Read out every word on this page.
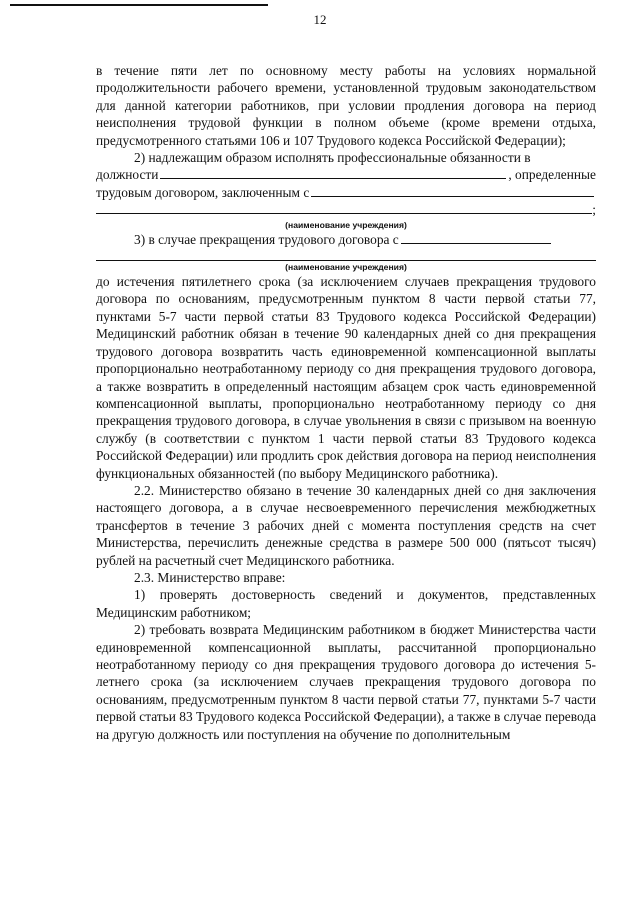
12

в течение пяти лет по основному месту работы на условиях нормальной продолжительности рабочего времени, установленной трудовым законодательством для данной категории работников, при условии продления договора на период неисполнения трудовой функции в полном объеме (кроме времени отдыха, предусмотренного статьями 106 и 107 Трудового кодекса Российской Федерации);

2) надлежащим образом исполнять профессиональные обязанности в

должности	, определенные
трудовым договором, заключенным с
;
(наименование учреждения)
3) в случае прекращения трудового договора с
(наименование учреждения)

до истечения пятилетнего срока (за исключением случаев прекращения трудового договора по основаниям, предусмотренным пунктом 8 части первой статьи 77, пунктами 5-7 части первой статьи 83 Трудового кодекса Российской Федерации) Медицинский работник обязан в течение 90 календарных дней со дня прекращения трудового договора возвратить часть единовременной компенсационной выплаты пропорционально неотработанному периоду со дня прекращения трудового договора, а также возвратить в определенный настоящим абзацем срок часть единовременной компенсационной выплаты, пропорционально неотработанному периоду со дня прекращения трудового договора, в случае увольнения в связи с призывом на военную службу (в соответствии с пунктом 1 части первой статьи 83 Трудового кодекса Российской Федерации) или продлить срок действия договора на период неисполнения функциональных обязанностей (по выбору Медицинского работника).

2.2. Министерство обязано в течение 30 календарных дней со дня заключения настоящего договора, а в случае несвоевременного перечисления межбюджетных трансфертов в течение 3 рабочих дней с момента поступления средств на счет Министерства, перечислить денежные средства в размере 500 000 (пятьсот тысяч) рублей на расчетный счет Медицинского работника.

2.3. Министерство вправе:

1) проверять достоверность сведений и документов, представленных Медицинским работником;

2) требовать возврата Медицинским работником в бюджет Министерства части единовременной компенсационной выплаты, рассчитанной пропорционально неотработанному периоду со дня прекращения трудового договора до истечения 5-летнего срока (за исключением случаев прекращения трудового договора по основаниям, предусмотренным пунктом 8 части первой статьи 77, пунктами 5-7 части первой статьи 83 Трудового кодекса Российской Федерации), а также в случае перевода на другую должность или поступления на обучение по дополнительным
